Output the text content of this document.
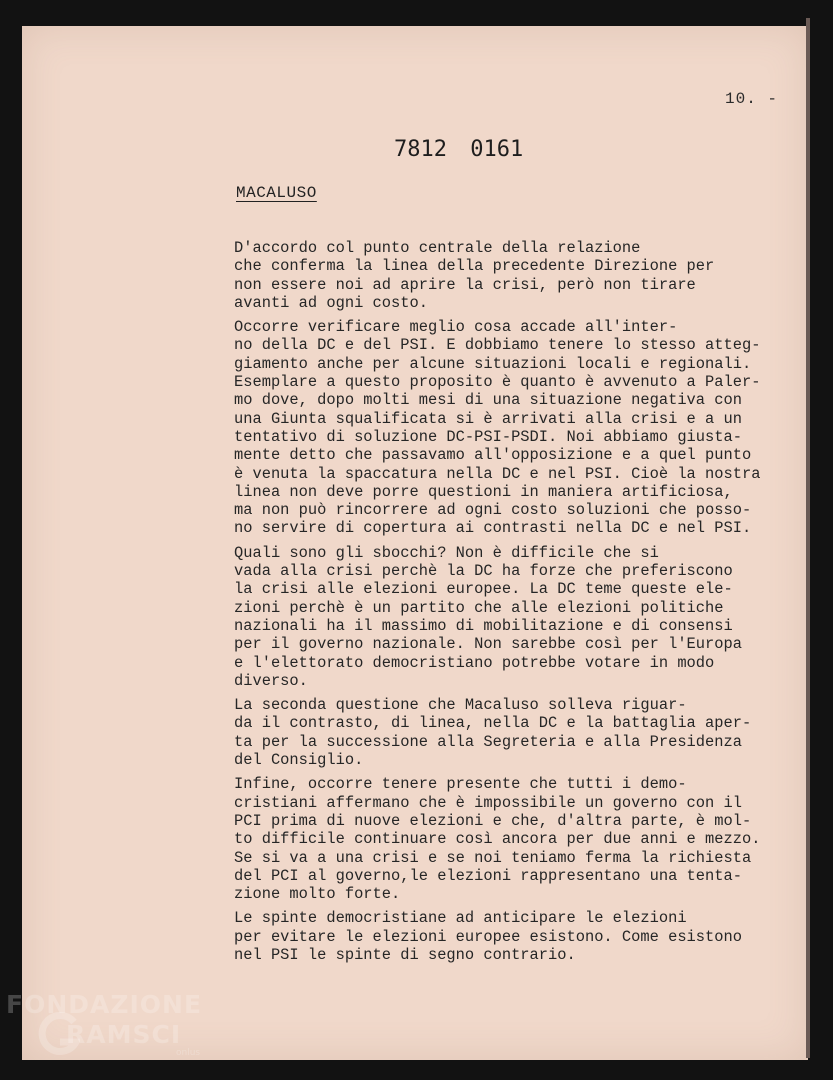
10. -
7812 0161
MACALUSO

D'accordo col punto centrale della relazione
che conferma la linea della precedente Direzione per
non essere noi ad aprire la crisi, però non tirare
avanti ad ogni costo.

Occorre verificare meglio cosa accade all'inter-
no della DC e del PSI. E dobbiamo tenere lo stesso atteg-
giamento anche per alcune situazioni locali e regionali.
Esemplare a questo proposito è quanto è avvenuto a Paler-
mo dove, dopo molti mesi di una situazione negativa con
una Giunta squalificata si è arrivati alla crisi e a un
tentativo di soluzione DC-PSI-PSDI. Noi abbiamo giusta-
mente detto che passavamo all'opposizione e a quel punto
è venuta la spaccatura nella DC e nel PSI. Cioè la nostra
linea non deve porre questioni in maniera artificiosa,
ma non può rincorrere ad ogni costo soluzioni che posso-
no servire di copertura ai contrasti nella DC e nel PSI.

Quali sono gli sbocchi? Non è difficile che si
vada alla crisi perchè la DC ha forze che preferiscono
la crisi alle elezioni europee. La DC teme queste ele-
zioni perchè è un partito che alle elezioni politiche
nazionali ha il massimo di mobilitazione e di consensi
per il governo nazionale. Non sarebbe così per l'Europa
e l'elettorato democristiano potrebbe votare in modo
diverso.

La seconda questione che Macaluso solleva riguar-
da il contrasto, di linea, nella DC e la battaglia aper-
ta per la successione alla Segreteria e alla Presidenza
del Consiglio.

Infine, occorre tenere presente che tutti i demo-
cristiani affermano che è impossibile un governo con il
PCI prima di nuove elezioni e che, d'altra parte, è mol-
to difficile continuare così ancora per due anni e mezzo.
Se si va a una crisi e se noi teniamo ferma la richiesta
del PCI al governo,le elezioni rappresentano una tenta-
zione molto forte.

Le spinte democristiane ad anticipare le elezioni
per evitare le elezioni europee esistono. Come esistono
nel PSI le spinte di segno contrario.

FONDAZIONE
RAMSCI
onlus
